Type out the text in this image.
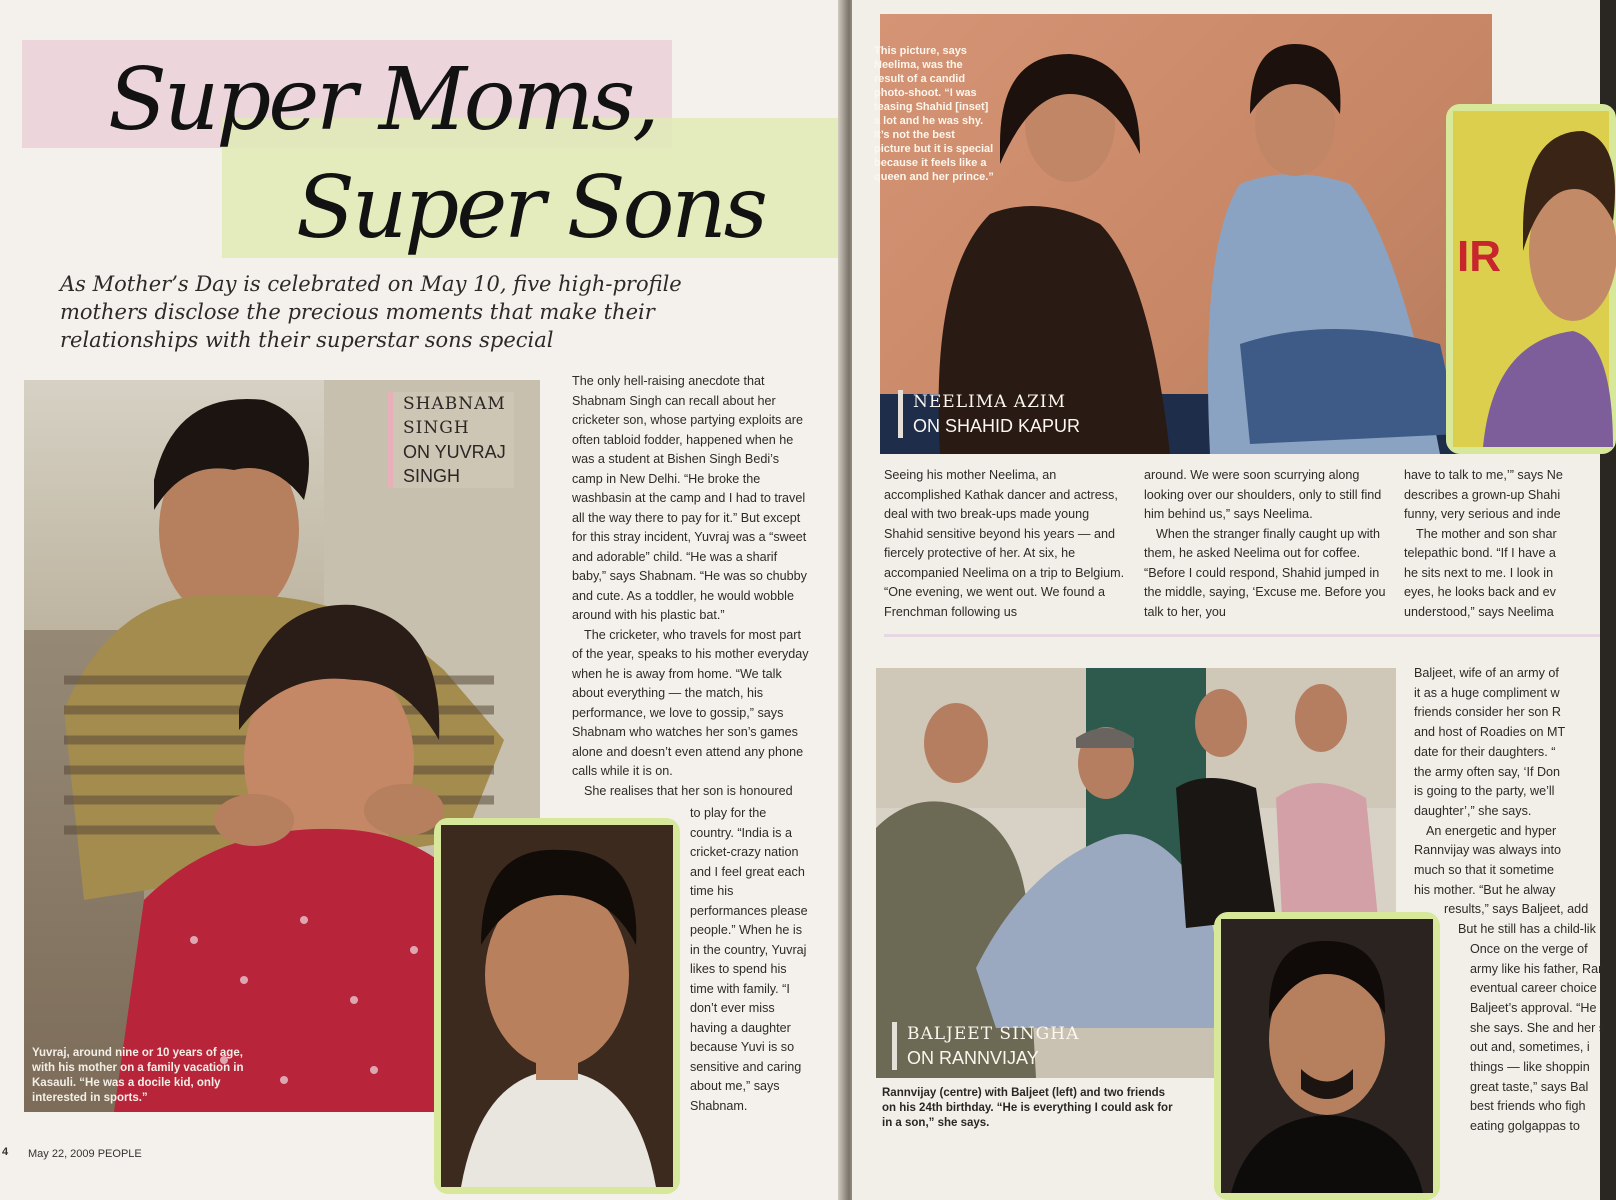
Super Moms,
Super Sons
As Mother’s Day is celebrated on May 10, five high-profile mothers disclose the precious moments that make their relationships with their superstar sons special
SHABNAM
SINGH
ON YUVRAJ
SINGH
Yuvraj, around nine or 10 years of age, with his mother on a family vacation in Kasauli. “He was a docile kid, only interested in sports.”

The only hell-raising anecdote that Shabnam Singh can recall about her cricketer son, whose partying exploits are often tabloid fodder, happened when he was a student at Bishen Singh Bedi’s camp in New Delhi. “He broke the washbasin at the camp and I had to travel all the way there to pay for it.” But except for this stray incident, Yuvraj was a “sweet and adorable” child. “He was a sharif baby,” says Shabnam. “He was so chubby and cute. As a toddler, he would wobble around with his plastic bat.”

The cricketer, who travels for most part of the year, speaks to his mother everyday when he is away from home. “We talk about everything — the match, his performance, we love to gossip,” says Shabnam who watches her son’s games alone and doesn’t even attend any phone calls while it is on.

She realises that her son is honoured

to play for the country. “India is a cricket-crazy nation and I feel great each time his performances please people.” When he is in the country, Yuvraj likes to spend his time with family. “I don’t ever miss having a daughter because Yuvi is so sensitive and caring about me,” says Shabnam.
4 May 22, 2009 PEOPLE
This picture, says Neelima, was the result of a candid photo-shoot. “I was teasing Shahid [inset] a lot and he was shy. It’s not the best picture but it is special because it feels like a queen and her prince.”
NEELIMA AZIM
ON SHAHID KAPUR
IR
Seeing his mother Neelima, an accomplished Kathak dancer and actress, deal with two break-ups made young Shahid sensitive beyond his years — and fiercely protective of her. At six, he accompanied Neelima on a trip to Belgium. “One evening, we went out. We found a Frenchman following us

around. We were soon scurrying along looking over our shoulders, only to still find him behind us,” says Neelima.

When the stranger finally caught up with them, he asked Neelima out for coffee. “Before I could respond, Shahid jumped in the middle, saying, ‘Excuse me. Before you talk to her, you

have to talk to me,’” says Ne
describes a grown-up Shahi
funny, very serious and inde
The mother and son shar
telepathic bond. “If I have a
he sits next to me. I look in
eyes, he looks back and ev
understood,” says Neelima
BALJEET SINGHA
ON RANNVIJAY
Rannvijay (centre) with Baljeet (left) and two friends on his 24th birthday. “He is everything I could ask for in a son,” she says.
Baljeet, wife of an army of
it as a huge compliment w
friends consider her son R
and host of Roadies on MT
date for their daughters. “
the army often say, ‘If Don
is going to the party, we’ll
daughter’,” she says.
An energetic and hyper
Rannvijay was always into
much so that it sometime
his mother. “But he alway
results,” says Baljeet, add
But he still has a child-lik
Once on the verge of
army like his father, Ran
eventual career choice
Baljeet’s approval. “He
she says. She and her s
out and, sometimes, i
things — like shoppin
great taste,” says Bal
best friends who figh
eating golgappas to
